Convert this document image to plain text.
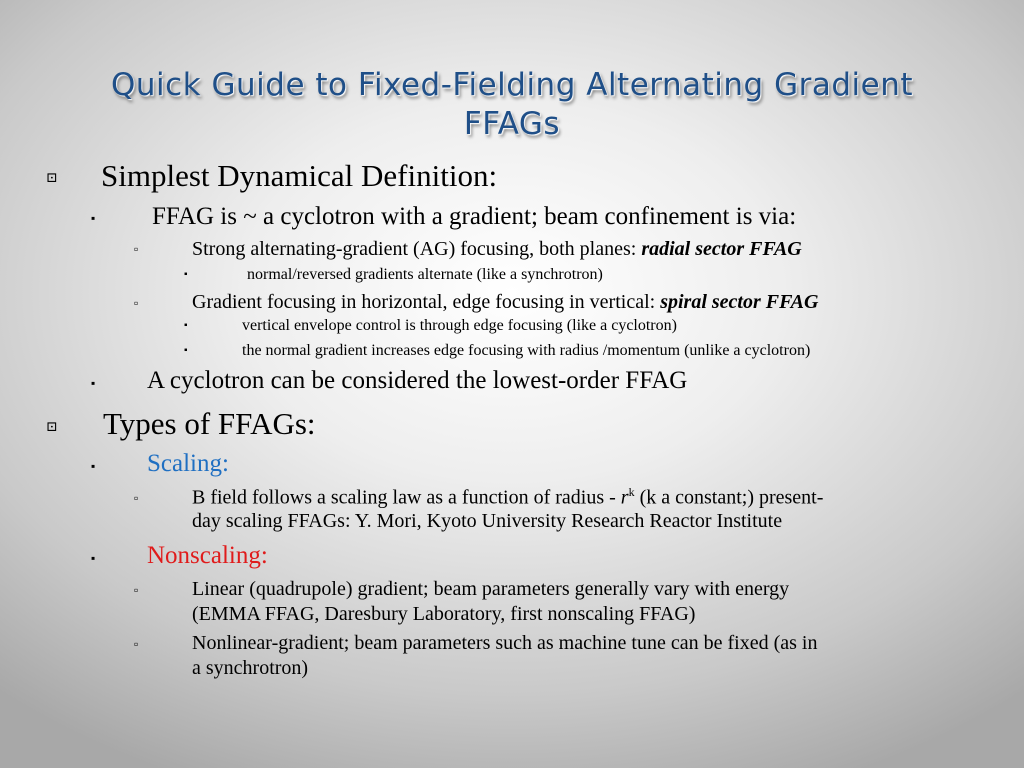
Quick Guide to Fixed-Fielding Alternating Gradient
FFAGs
⊡ Simplest Dynamical Definition:
▪ FFAG is ~ a cyclotron with a gradient; beam confinement is via:
▫	Strong alternating-gradient (AG) focusing, both planes: radial sector FFAG
▪	normal/reversed gradients alternate (like a synchrotron)
▫	Gradient focusing in horizontal, edge focusing in vertical: spiral sector FFAG
▪	vertical envelope control is through edge focusing (like a cyclotron)
▪	the normal gradient increases edge focusing with radius /momentum (unlike a cyclotron)
▪ A cyclotron can be considered the lowest-order FFAG
⊡ Types of FFAGs:
▪ Scaling:
▫	B field follows a scaling law as a function of radius - $r^k$ (k a constant;) present-
day scaling FFAGs: Y. Mori, Kyoto University Research Reactor Institute
▪ Nonscaling:
▫	Linear (quadrupole) gradient; beam parameters generally vary with energy
(EMMA FFAG, Daresbury Laboratory, first nonscaling FFAG)
▫	Nonlinear-gradient; beam parameters such as machine tune can be fixed (as in
a synchrotron)
